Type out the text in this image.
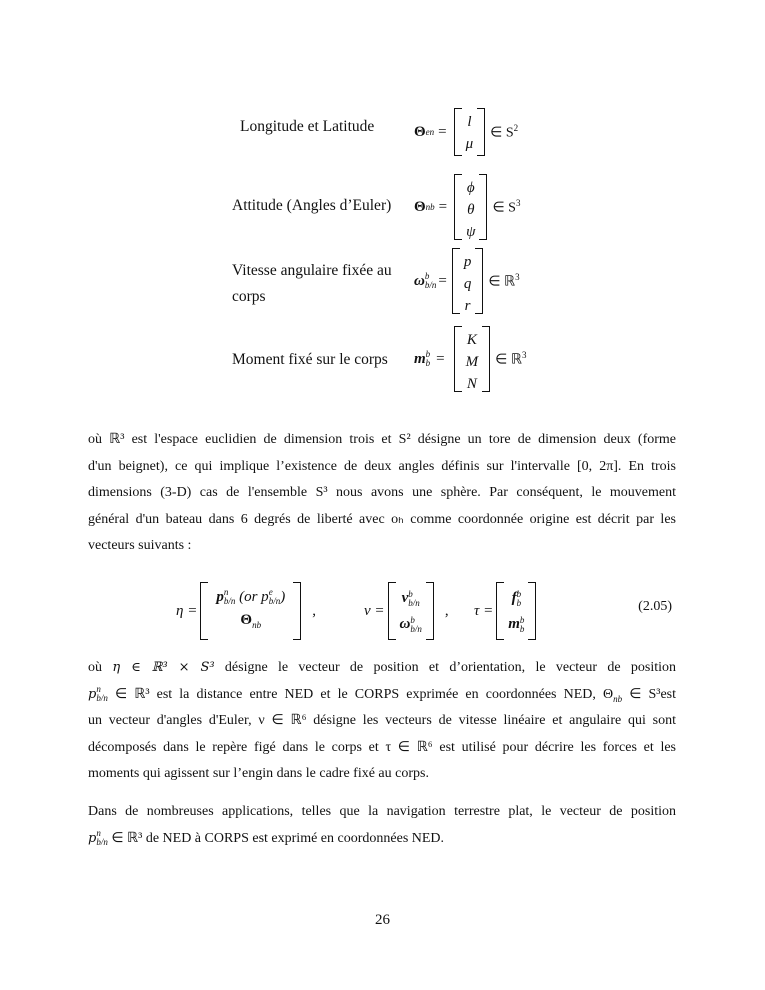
Longitude et Latitude	Θ en =
l
μ
∈ $S^2$
Attitude (Angles d’Euler) Θ nb =
ϕ
θ
ψ
∈ $S^3$
Vitesse angulaire fixée au
corps
ω b
b/n =
p
q
r
∈ ℝ$^3$
Moment fixé sur le corps m b
b =
K
M
N
∈ ℝ$^3$
où ℝ³ est l'espace euclidien de dimension trois et S² désigne un tore de dimension deux (forme
d'un beignet), ce qui implique l’existence de deux angles définis sur l'intervalle [0, 2π]. En trois
dimensions (3-D) cas de l'ensemble S³ nous avons une sphère. Par conséquent, le mouvement
général d'un bateau dans 6 degrés de liberté avec oₕ comme coordonnée origine est décrit par les
vecteurs suivants :
η =
p n
b/n (or p e
b/n )
$\Theta_{nb}$
,	ν =
v b
b/n
ω b
b/n
, τ =
f b
b
m b
b
(2.05)
où η ∈ ℝ³ × S³ désigne le vecteur de position et d’orientation, le vecteur de position
p n
b/n ∈ ℝ³ est la distance entre NED et le CORPS exprimée en coordonnées NED, $\Theta_{nb}$ ∈ S³est
un vecteur d'angles d'Euler, ν ∈ ℝ⁶ désigne les vecteurs de vitesse linéaire et angulaire qui sont
décomposés dans le repère figé dans le corps et τ ∈ ℝ⁶ est utilisé pour décrire les forces et les
moments qui agissent sur l’engin dans le cadre fixé au corps.
Dans de nombreuses applications, telles que la navigation terrestre plat, le vecteur de position
p n
b/n ∈ ℝ³ de NED à CORPS est exprimé en coordonnées NED.
26
